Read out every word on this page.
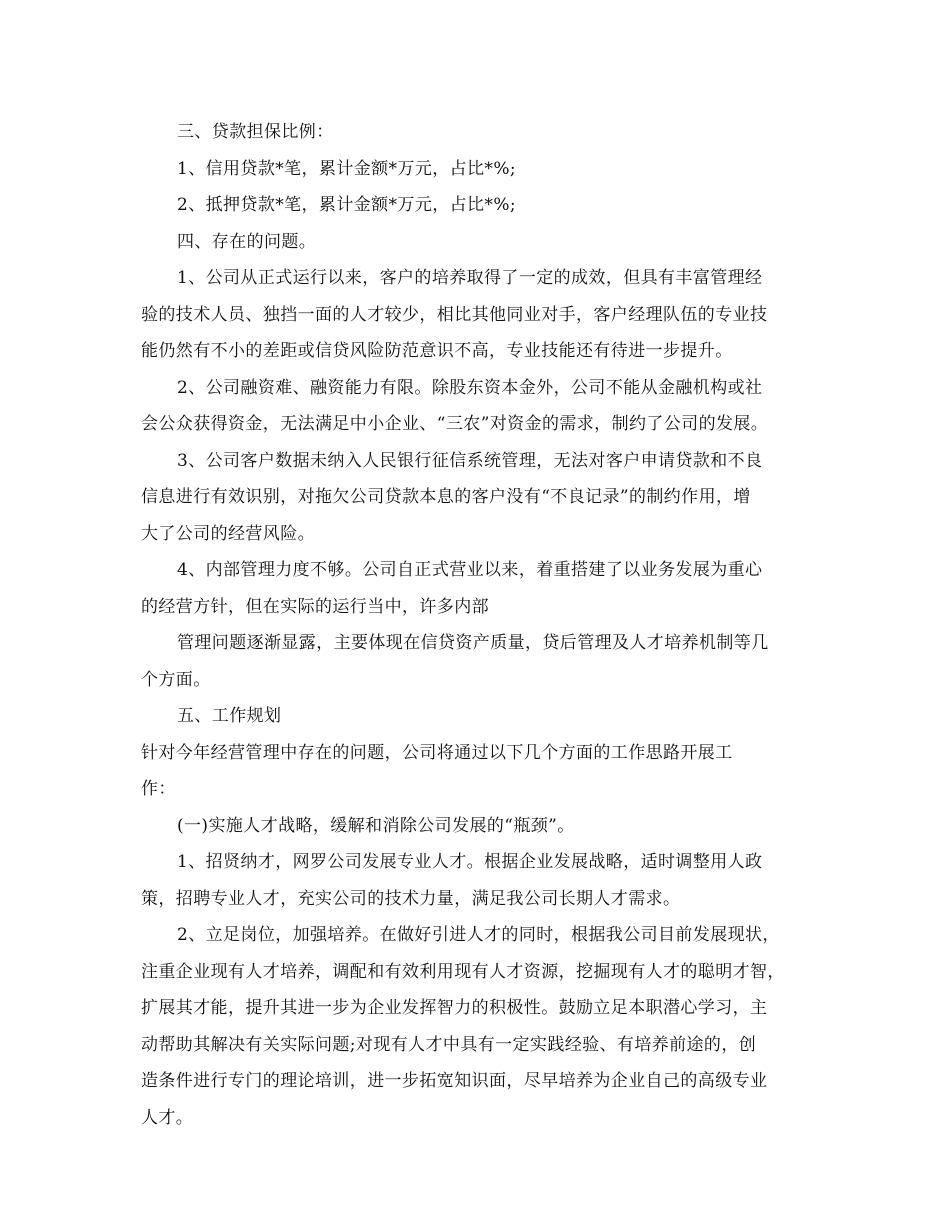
三、贷款担保比例：
1、信用贷款*笔，累计金额*万元，占比*%;
2、抵押贷款*笔，累计金额*万元，占比*%;
四、存在的问题。
1、公司从正式运行以来，客户的培养取得了一定的成效，但具有丰富管理经
验的技术人员、独挡一面的人才较少，相比其他同业对手，客户经理队伍的专业技
能仍然有不小的差距或信贷风险防范意识不高，专业技能还有待进一步提升。
2、公司融资难、融资能力有限。除股东资本金外，公司不能从金融机构或社
会公众获得资金，无法满足中小企业、“三农”对资金的需求，制约了公司的发展。
3、公司客户数据未纳入人民银行征信系统管理，无法对客户申请贷款和不良
信息进行有效识别，对拖欠公司贷款本息的客户没有“不良记录”的制约作用，增
大了公司的经营风险。
4、内部管理力度不够。公司自正式营业以来，着重搭建了以业务发展为重心
的经营方针，但在实际的运行当中，许多内部
管理问题逐渐显露，主要体现在信贷资产质量，贷后管理及人才培养机制等几
个方面。
五、工作规划
针对今年经营管理中存在的问题，公司将通过以下几个方面的工作思路开展工
作：
(一)实施人才战略，缓解和消除公司发展的“瓶颈”。
1、招贤纳才，网罗公司发展专业人才。根据企业发展战略，适时调整用人政
策，招聘专业人才，充实公司的技术力量，满足我公司长期人才需求。
2、立足岗位，加强培养。在做好引进人才的同时，根据我公司目前发展现状，
注重企业现有人才培养，调配和有效利用现有人才资源，挖掘现有人才的聪明才智，
扩展其才能，提升其进一步为企业发挥智力的积极性。鼓励立足本职潜心学习，主
动帮助其解决有关实际问题;对现有人才中具有一定实践经验、有培养前途的，创
造条件进行专门的理论培训，进一步拓宽知识面，尽早培养为企业自己的高级专业
人才。
